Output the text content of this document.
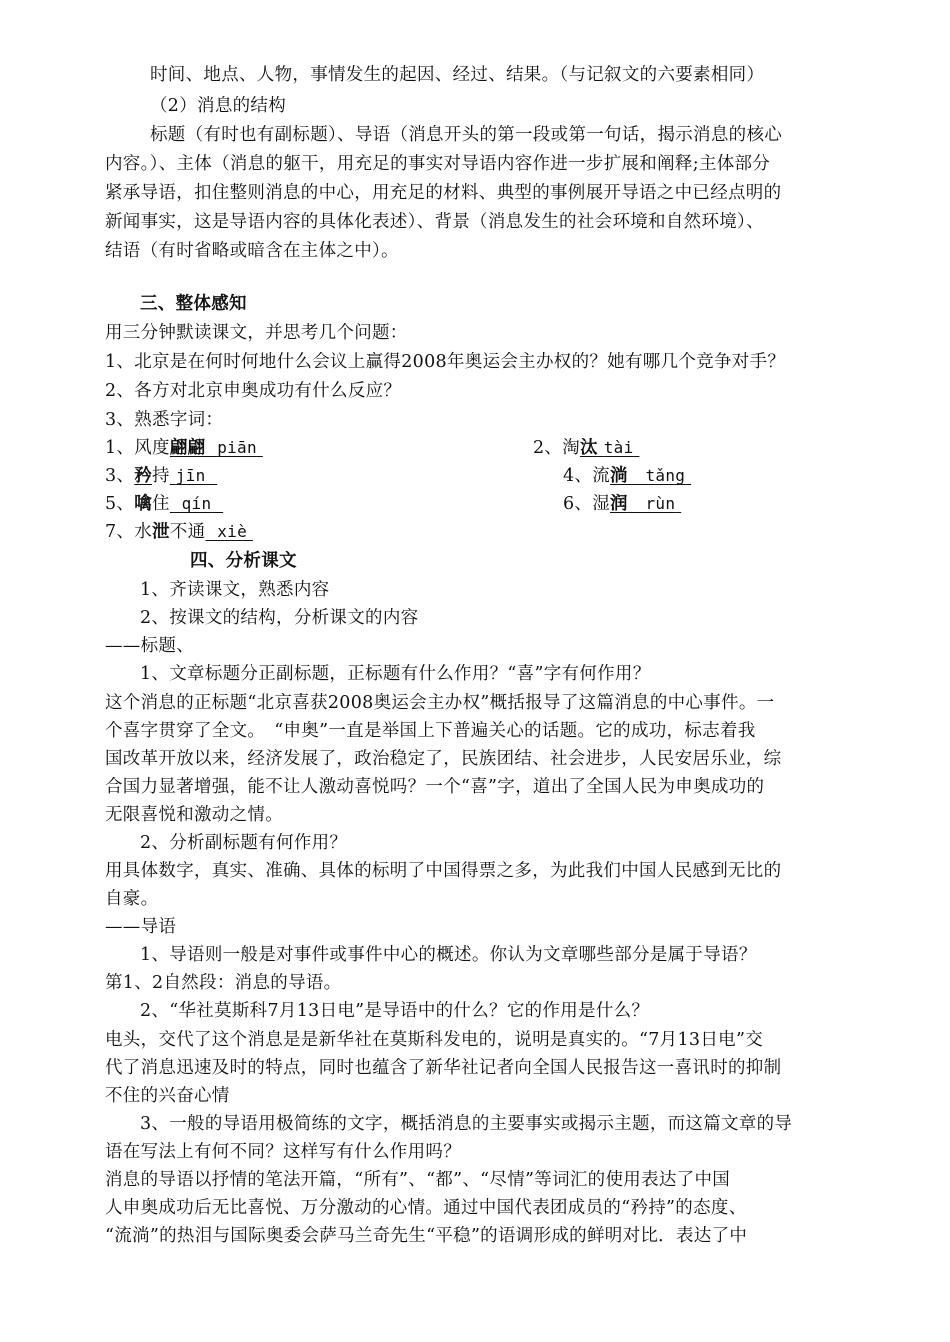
时间、地点、人物，事情发生的起因、经过、结果。（与记叙文的六要素相同）
（2）消息的结构
标题（有时也有副标题）、导语（消息开头的第一段或第一句话，揭示消息的核心
内容。）、主体（消息的躯干，用充足的事实对导语内容作进一步扩展和阐释;主体部分
紧承导语，扣住整则消息的中心，用充足的材料、典型的事例展开导语之中已经点明的
新闻事实，这是导语内容的具体化表述）、背景（消息发生的社会环境和自然环境）、
结语（有时省略或暗含在主体之中）。
三、整体感知
用三分钟默读课文，并思考几个问题：
1、北京是在何时何地什么会议上赢得2008年奥运会主办权的？她有哪几个竞争对手？
2、各方对北京申奥成功有什么反应？
3、熟悉字词：
1、风度翩翩 piān	2、淘汰 tài
3、矜持 jīn	4、流淌 tǎng
5、噙住 qín	6、湿润 rùn
7、水泄不通 xiè
四、分析课文
1、齐读课文，熟悉内容
2、按课文的结构，分析课文的内容
——标题、
1、文章标题分正副标题，正标题有什么作用？“喜”字有何作用？
这个消息的正标题“北京喜获2008奥运会主办权”概括报导了这篇消息的中心事件。一
个喜字贯穿了全文。　“申奥”一直是举国上下普遍关心的话题。它的成功，标志着我
国改革开放以来，经济发展了，政治稳定了，民族团结、社会进步，人民安居乐业，综
合国力显著增强，能不让人激动喜悦吗？一个“喜”字，道出了全国人民为申奥成功的
无限喜悦和激动之情。
2、分析副标题有何作用？
用具体数字，真实、准确、具体的标明了中国得票之多，为此我们中国人民感到无比的
自豪。
——导语
1、导语则一般是对事件或事件中心的概述。你认为文章哪些部分是属于导语？
第1、2自然段：消息的导语。
2、“华社莫斯科7月13日电”是导语中的什么？它的作用是什么？
电头，交代了这个消息是是新华社在莫斯科发电的，说明是真实的。“7月13日电”交
代了消息迅速及时的特点，同时也蕴含了新华社记者向全国人民报告这一喜讯时的抑制
不住的兴奋心情
3、一般的导语用极简练的文字，概括消息的主要事实或揭示主题，而这篇文章的导
语在写法上有何不同？这样写有什么作用吗？
消息的导语以抒情的笔法开篇，“所有”、“都”、“尽情”等词汇的使用表达了中国
人申奥成功后无比喜悦、万分激动的心情。通过中国代表团成员的“矜持”的态度、
“流淌”的热泪与国际奥委会萨马兰奇先生“平稳”的语调形成的鲜明对比．表达了中
